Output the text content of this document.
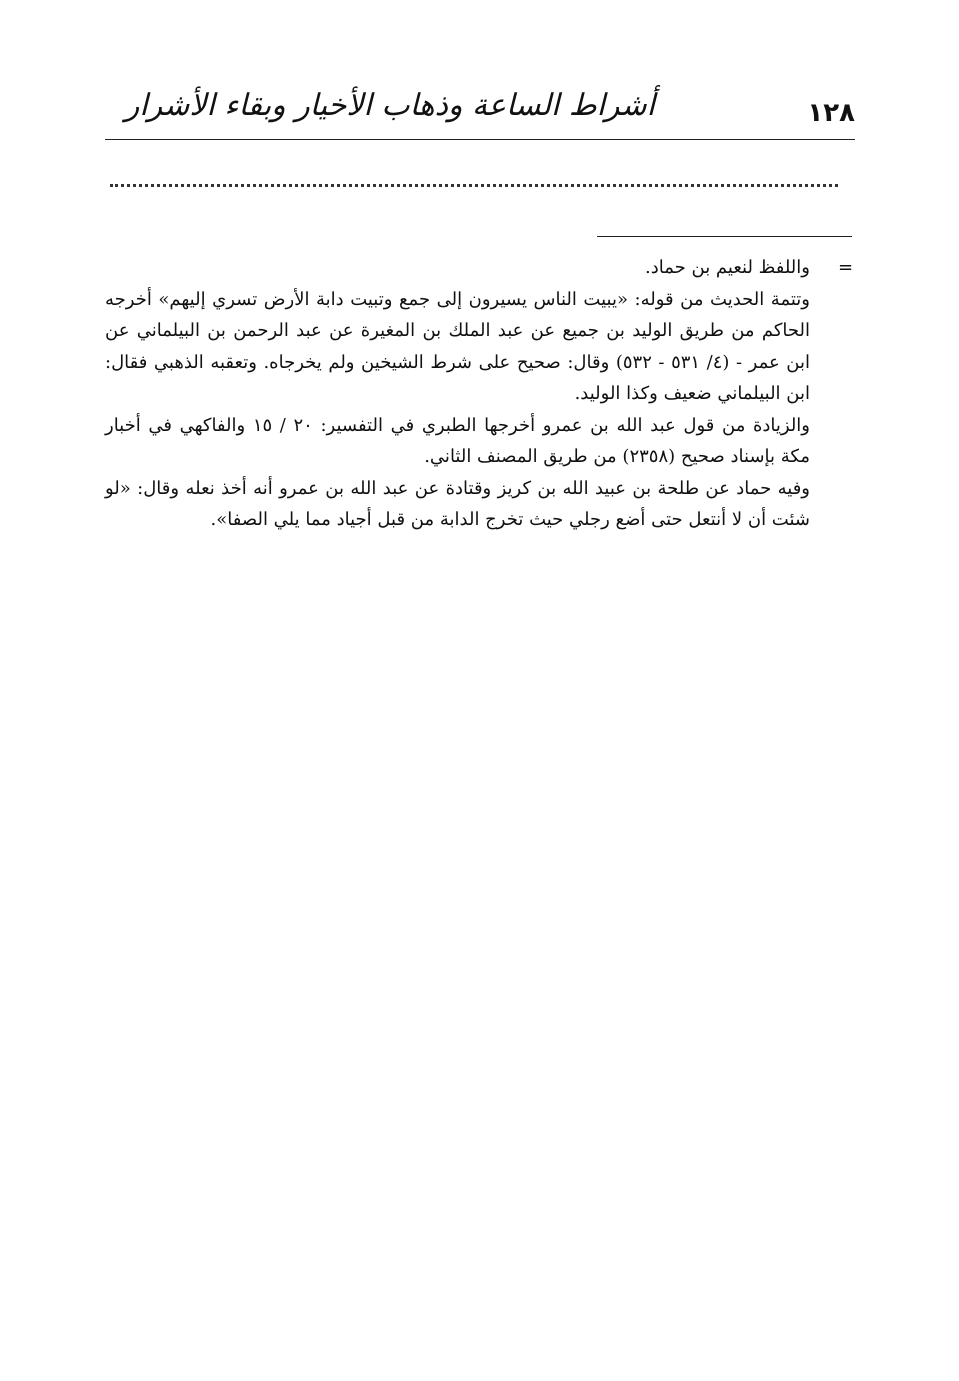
١٢٨
أشراط الساعة وذهاب الأخيار وبقاء الأشرار
=

واللفظ لنعيم بن حماد.

وتتمة الحديث من قوله: «يبيت الناس يسيرون إلى جمع وتبيت دابة الأرض تسري إليهم» أخرجه الحاكم من طريق الوليد بن جميع عن عبد الملك بن المغيرة عن عبد الرحمن بن البيلماني عن ابن عمر - (٤/ ٥٣١ - ٥٣٢) وقال: صحيح على شرط الشيخين ولم يخرجاه. وتعقبه الذهبي فقال: ابن البيلماني ضعيف وكذا الوليد.

والزيادة من قول عبد الله بن عمرو أخرجها الطبري في التفسير: ٢٠ / ١٥ والفاكهي في أخبار مكة بإسناد صحيح (٢٣٥٨) من طريق المصنف الثاني.

وفيه حماد عن طلحة بن عبيد الله بن كريز وقتادة عن عبد الله بن عمرو أنه أخذ نعله وقال: «لو شئت أن لا أنتعل حتى أضع رجلي حيث تخرج الدابة من قبل أجياد مما يلي الصفا».
